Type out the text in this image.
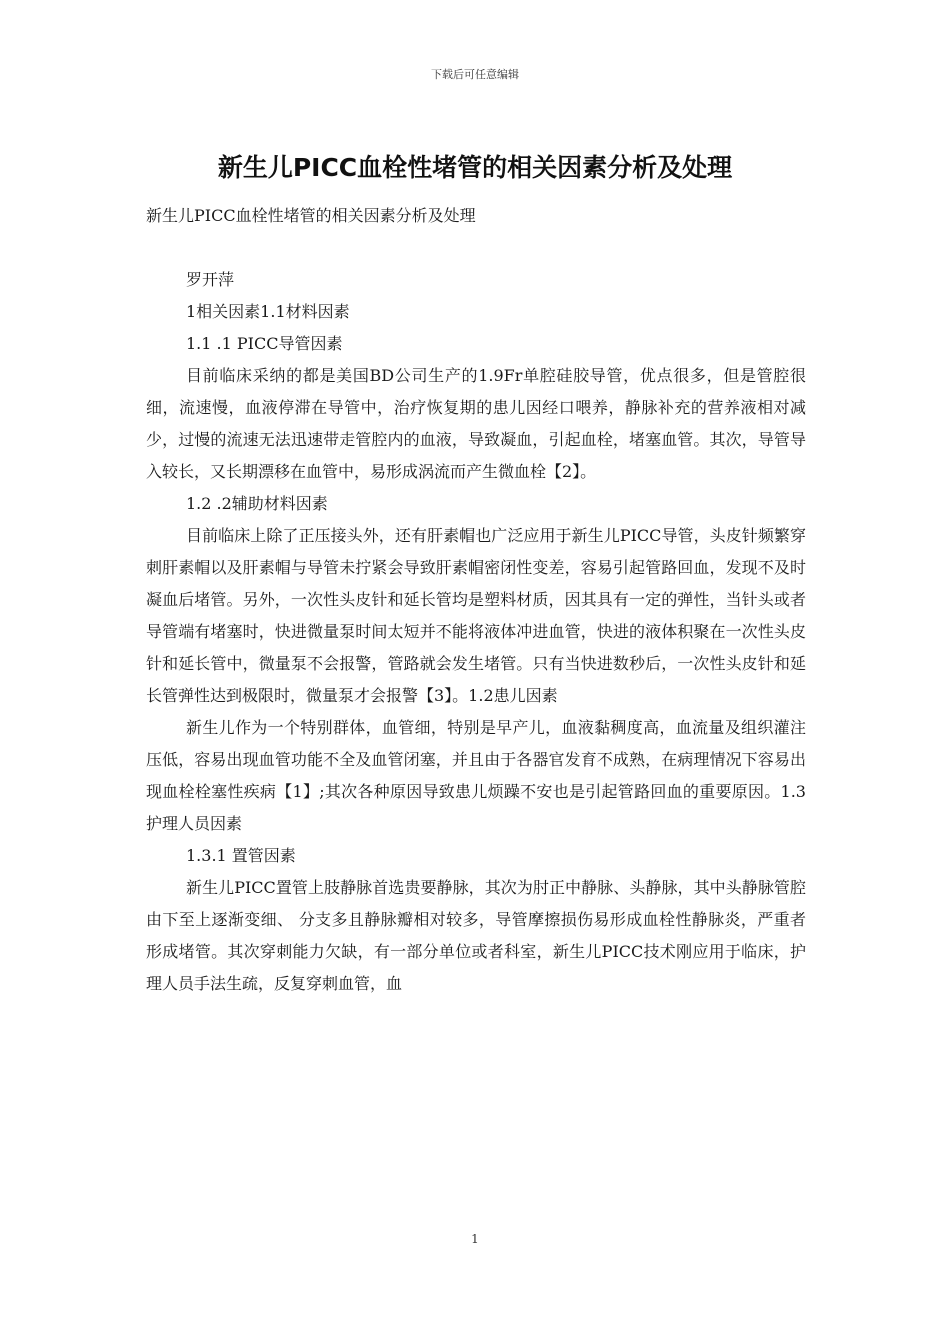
下载后可任意编辑
新生儿PICC血栓性堵管的相关因素分析及处理

新生儿PICC血栓性堵管的相关因素分析及处理

罗开萍

1相关因素1.1材料因素

1.1 .1 PICC导管因素

目前临床采纳的都是美国BD公司生产的1.9Fr单腔硅胶导管，优点很多，但是管腔很细，流速慢，血液停滞在导管中，治疗恢复期的患儿因经口喂养，静脉补充的营养液相对减少，过慢的流速无法迅速带走管腔内的血液，导致凝血，引起血栓，堵塞血管。其次，导管导入较长，又长期漂移在血管中，易形成涡流而产生微血栓【2】。

1.2 .2辅助材料因素

目前临床上除了正压接头外，还有肝素帽也广泛应用于新生儿PICC导管，头皮针频繁穿刺肝素帽以及肝素帽与导管未拧紧会导致肝素帽密闭性变差，容易引起管路回血，发现不及时凝血后堵管。另外，一次性头皮针和延长管均是塑料材质，因其具有一定的弹性，当针头或者导管端有堵塞时，快进微量泵时间太短并不能将液体冲进血管，快进的液体积聚在一次性头皮针和延长管中，微量泵不会报警，管路就会发生堵管。只有当快进数秒后，一次性头皮针和延长管弹性达到极限时，微量泵才会报警【3】。1.2患儿因素

新生儿作为一个特别群体，血管细，特别是早产儿，血液黏稠度高，血流量及组织灌注压低，容易出现血管功能不全及血管闭塞，并且由于各器官发育不成熟，在病理情况下容易出现血栓栓塞性疾病【1】;其次各种原因导致患儿烦躁不安也是引起管路回血的重要原因。1.3护理人员因素

1.3.1 置管因素

新生儿PICC置管上肢静脉首选贵要静脉，其次为肘正中静脉、头静脉，其中头静脉管腔由下至上逐渐变细、 分支多且静脉瓣相对较多，导管摩擦损伤易形成血栓性静脉炎，严重者形成堵管。其次穿刺能力欠缺，有一部分单位或者科室，新生儿PICC技术刚应用于临床，护理人员手法生疏，反复穿刺血管，血

1
